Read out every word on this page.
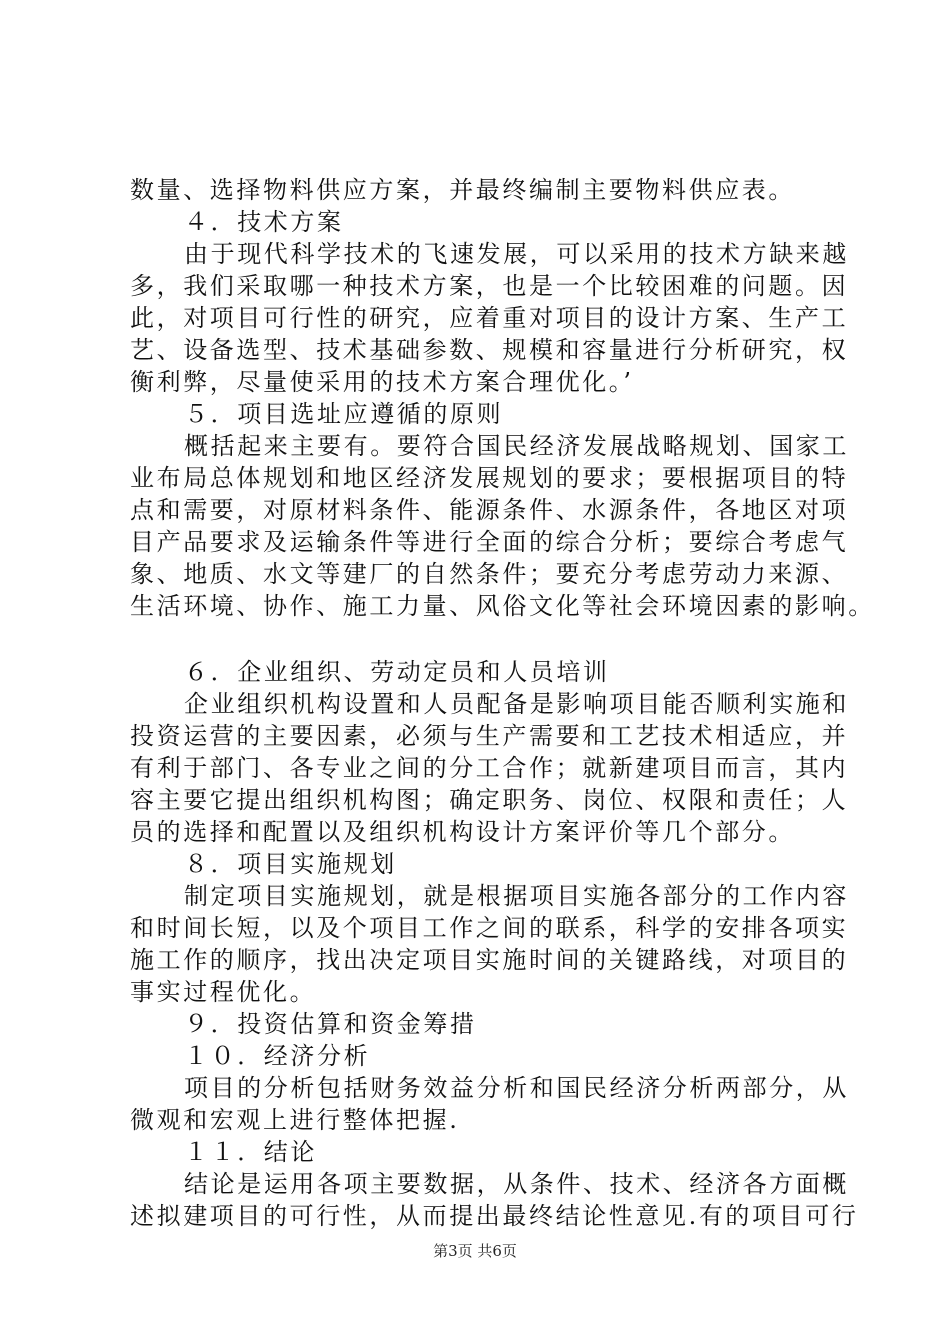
数量、选择物料供应方案，并最终编制主要物料供应表。
４．技术方案
由于现代科学技术的飞速发展，可以采用的技术方缺来越
多，我们采取哪一种技术方案，也是一个比较困难的问题。因
此，对项目可行性的研究，应着重对项目的设计方案、生产工
艺、设备选型、技术基础参数、规模和容量进行分析研究，权
衡利弊，尽量使采用的技术方案合理优化。’
５．项目选址应遵循的原则
概括起来主要有。要符合国民经济发展战略规划、国家工
业布局总体规划和地区经济发展规划的要求；要根据项目的特
点和需要，对原材料条件、能源条件、水源条件，各地区对项
目产品要求及运输条件等进行全面的综合分析；要综合考虑气
象、地质、水文等建厂的自然条件；要充分考虑劳动力来源、
生活环境、协作、施工力量、风俗文化等社会环境因素的影响。
６．企业组织、劳动定员和人员培训
企业组织机构设置和人员配备是影响项目能否顺利实施和
投资运营的主要因素，必须与生产需要和工艺技术相适应，并
有利于部门、各专业之间的分工合作；就新建项目而言，其内
容主要它提出组织机构图；确定职务、岗位、权限和责任；人
员的选择和配置以及组织机构设计方案评价等几个部分。
８．项目实施规划
制定项目实施规划，就是根据项目实施各部分的工作内容
和时间长短，以及个项目工作之间的联系，科学的安排各项实
施工作的顺序，找出决定项目实施时间的关键路线，对项目的
事实过程优化。
９．投资估算和资金筹措
１０．经济分析
项目的分析包括财务效益分析和国民经济分析两部分，从
微观和宏观上进行整体把握.
１１．结论
结论是运用各项主要数据，从条件、技术、经济各方面概
述拟建项目的可行性，从而提出最终结论性意见.有的项目可行
第3页 共6页
